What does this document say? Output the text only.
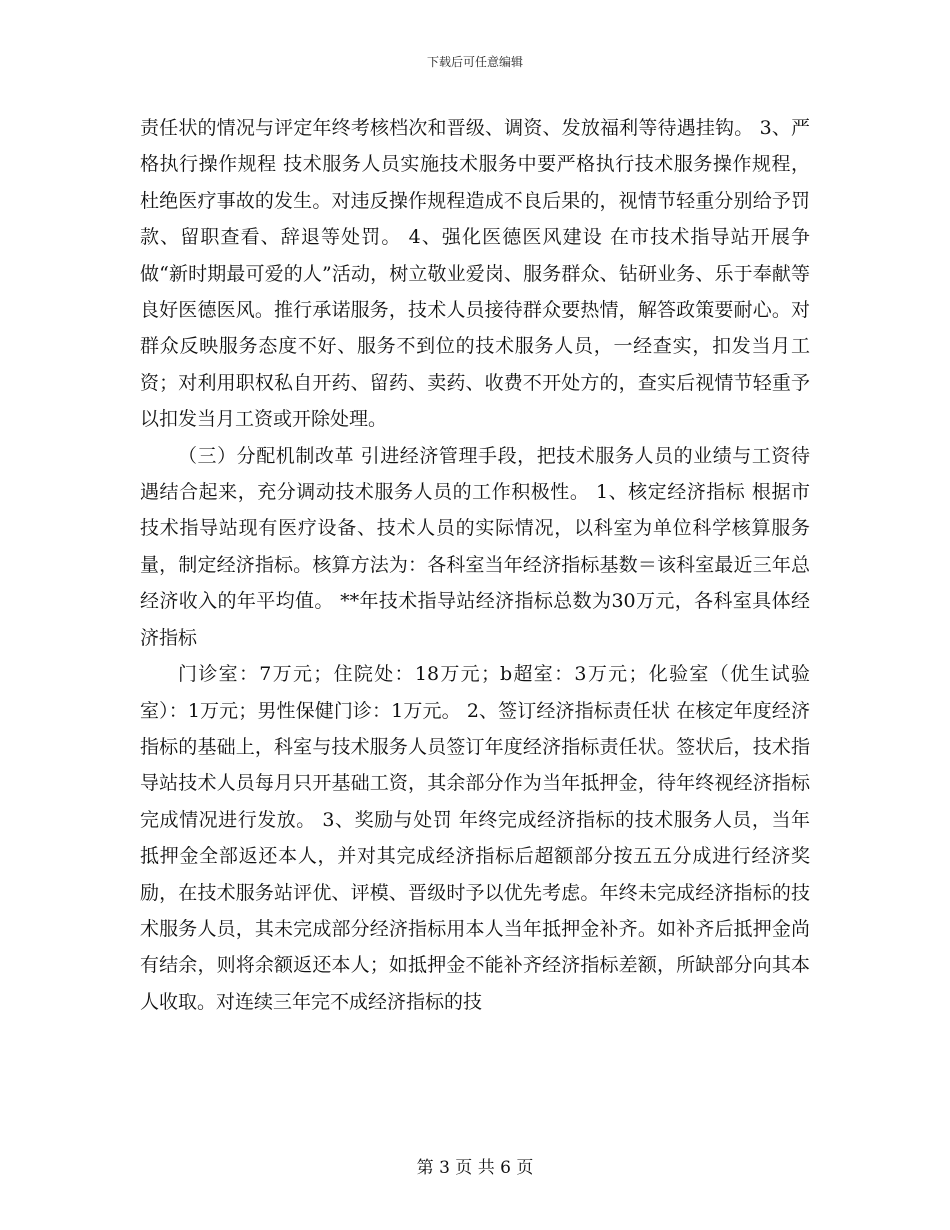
下载后可任意编辑

责任状的情况与评定年终考核档次和晋级、调资、发放福利等待遇挂钩。 3、严格执行操作规程 技术服务人员实施技术服务中要严格执行技术服务操作规程，杜绝医疗事故的发生。对违反操作规程造成不良后果的，视情节轻重分别给予罚款、留职查看、辞退等处罚。 4、强化医德医风建设 在市技术指导站开展争做“新时期最可爱的人”活动，树立敬业爱岗、服务群众、钻研业务、乐于奉献等良好医德医风。推行承诺服务，技术人员接待群众要热情，解答政策要耐心。对群众反映服务态度不好、服务不到位的技术服务人员，一经查实，扣发当月工资；对利用职权私自开药、留药、卖药、收费不开处方的，查实后视情节轻重予以扣发当月工资或开除处理。

（三）分配机制改革 引进经济管理手段，把技术服务人员的业绩与工资待遇结合起来，充分调动技术服务人员的工作积极性。 1、核定经济指标 根据市技术指导站现有医疗设备、技术人员的实际情况，以科室为单位科学核算服务量，制定经济指标。核算方法为：各科室当年经济指标基数＝该科室最近三年总经济收入的年平均值。 **年技术指导站经济指标总数为30万元，各科室具体经济指标

门诊室：7万元；住院处：18万元；b超室：3万元；化验室（优生试验室）：1万元；男性保健门诊：1万元。 2、签订经济指标责任状 在核定年度经济指标的基础上，科室与技术服务人员签订年度经济指标责任状。签状后，技术指导站技术人员每月只开基础工资，其余部分作为当年抵押金，待年终视经济指标完成情况进行发放。 3、奖励与处罚 年终完成经济指标的技术服务人员，当年抵押金全部返还本人，并对其完成经济指标后超额部分按五五分成进行经济奖励，在技术服务站评优、评模、晋级时予以优先考虑。年终未完成经济指标的技术服务人员，其未完成部分经济指标用本人当年抵押金补齐。如补齐后抵押金尚有结余，则将余额返还本人；如抵押金不能补齐经济指标差额，所缺部分向其本人收取。对连续三年完不成经济指标的技

第 3 页 共 6 页
